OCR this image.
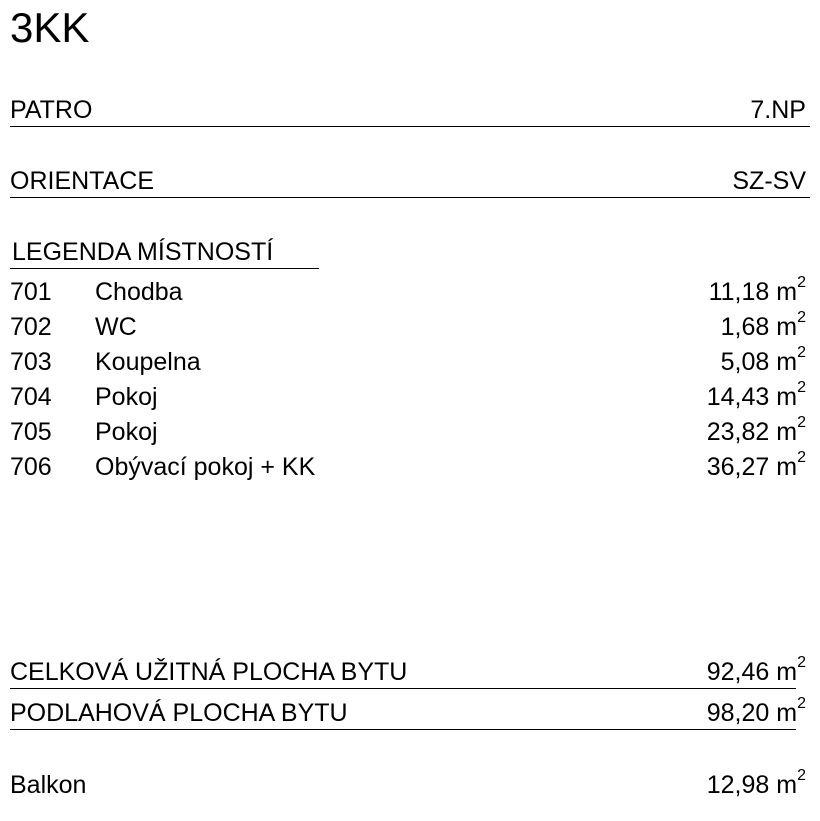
3KK
PATRO	7.NP
ORIENTACE	SZ-SV
LEGENDA MÍSTNOSTÍ
701 Chodba	11,18 $m^2$
702 WC	1,68 $m^2$
703 Koupelna	5,08 $m^2$
704 Pokoj	14,43 $m^2$
705 Pokoj	23,82 $m^2$
706 Obývací pokoj + KK	36,27 $m^2$
CELKOVÁ UŽITNÁ PLOCHA BYTU	92,46 $m^2$
PODLAHOVÁ PLOCHA BYTU	98,20 $m^2$
Balkon	12,98 $m^2$
